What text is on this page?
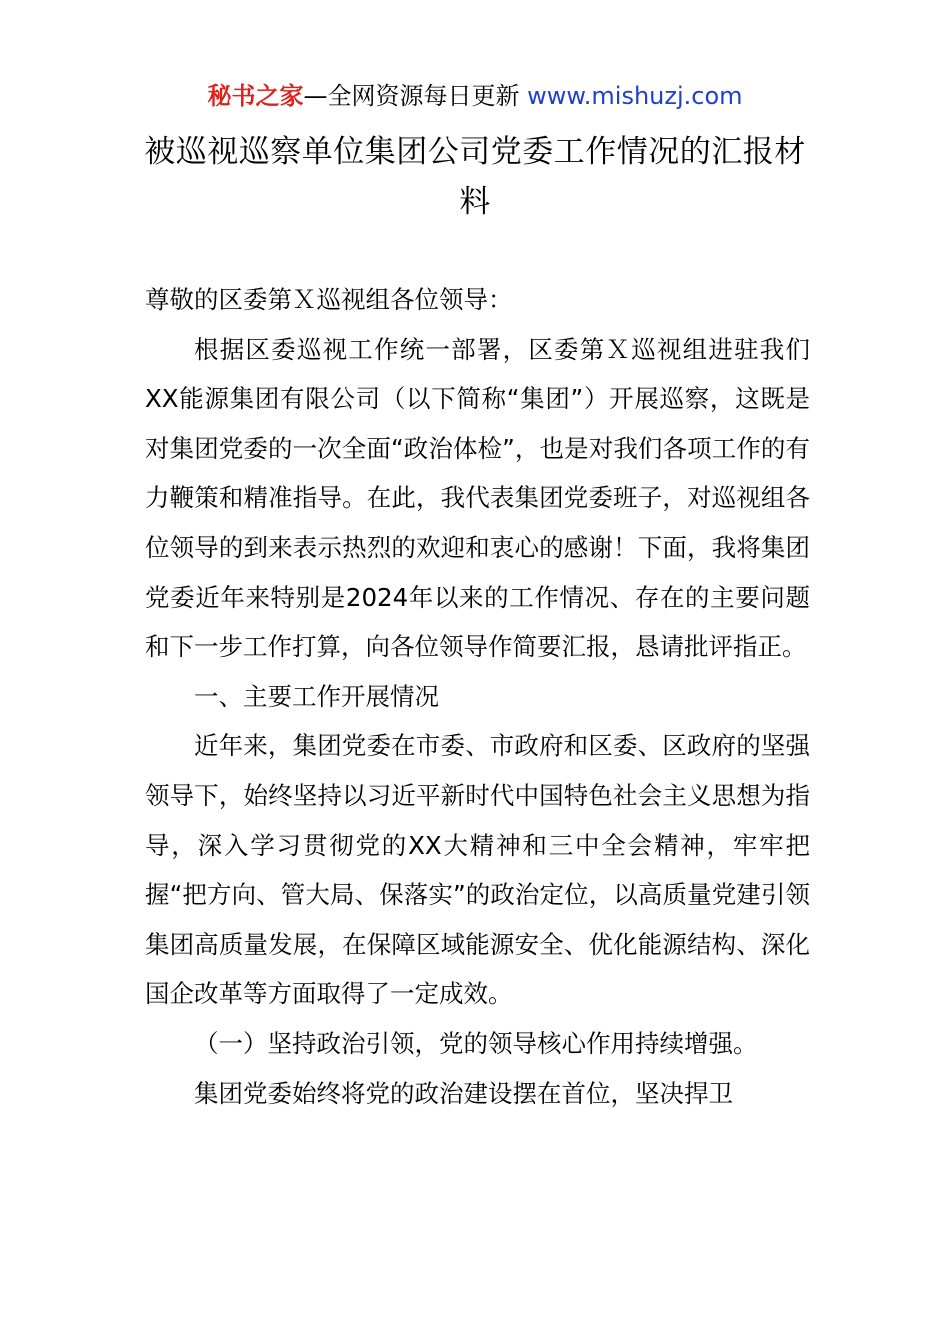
秘书之家—全网资源每日更新 www.mishuzj.com
被巡视巡察单位集团公司党委工作情况的汇报材料

尊敬的区委第Ｘ巡视组各位领导：

根据区委巡视工作统一部署，区委第Ｘ巡视组进驻我们XX能源集团有限公司（以下简称“集团”）开展巡察，这既是对集团党委的一次全面“政治体检”，也是对我们各项工作的有力鞭策和精准指导。在此，我代表集团党委班子，对巡视组各位领导的到来表示热烈的欢迎和衷心的感谢！下面，我将集团党委近年来特别是2024年以来的工作情况、存在的主要问题和下一步工作打算，向各位领导作简要汇报，恳请批评指正。

一、主要工作开展情况

近年来，集团党委在市委、市政府和区委、区政府的坚强领导下，始终坚持以习近平新时代中国特色社会主义思想为指导，深入学习贯彻党的XX大精神和三中全会精神，牢牢把握“把方向、管大局、保落实”的政治定位，以高质量党建引领集团高质量发展，在保障区域能源安全、优化能源结构、深化国企改革等方面取得了一定成效。

（一）坚持政治引领，党的领导核心作用持续增强。

集团党委始终将党的政治建设摆在首位，坚决捍卫
